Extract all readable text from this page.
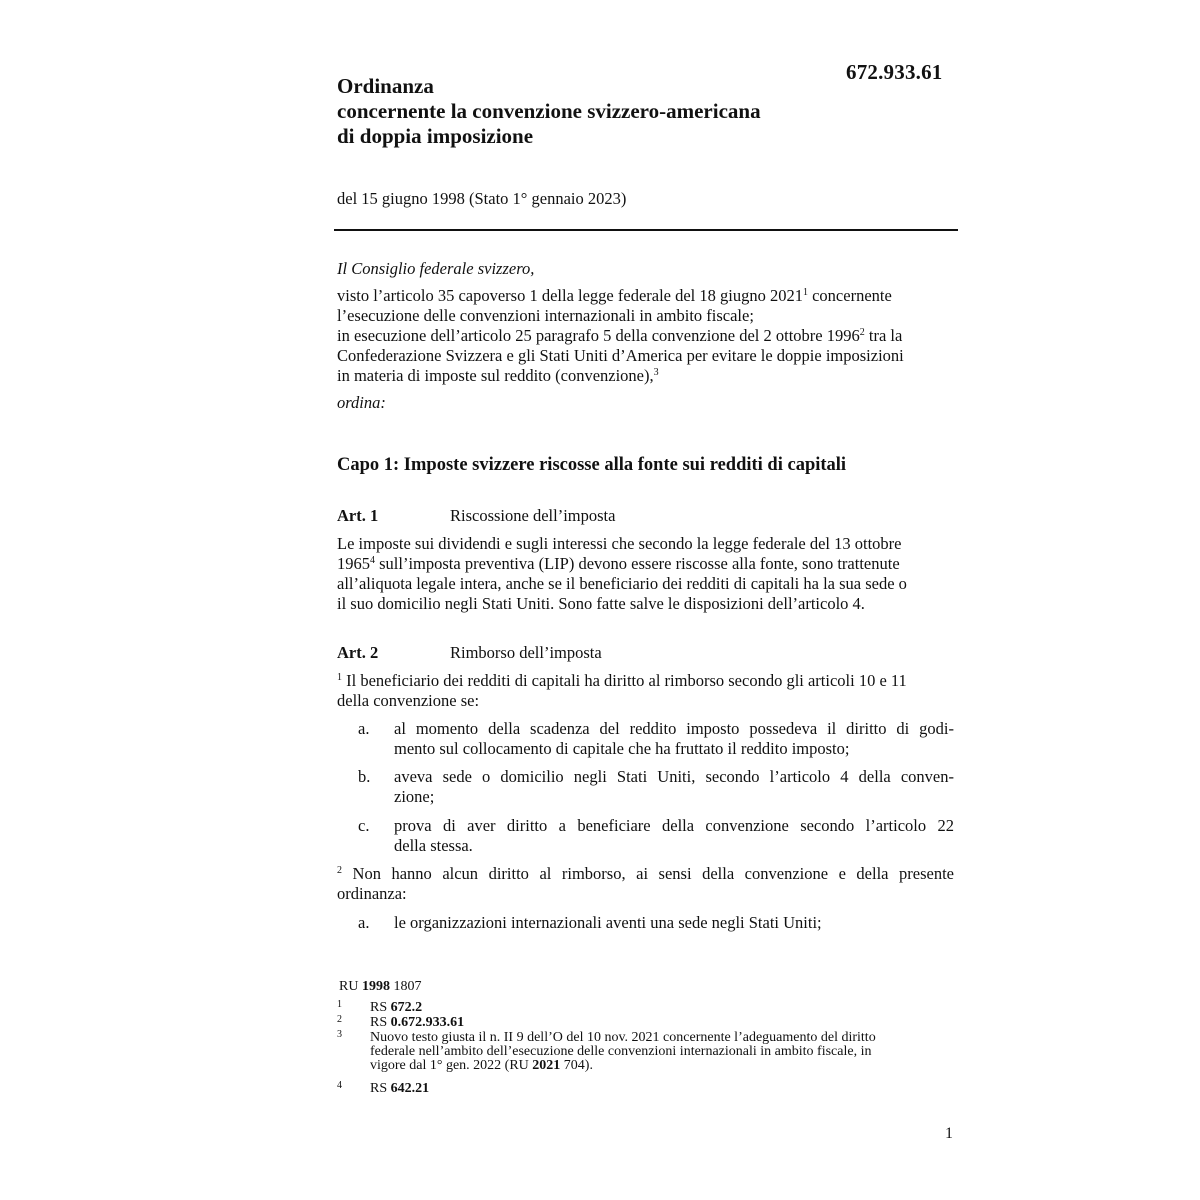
672.933.61
Ordinanza
concernente la convenzione svizzero-americana
di doppia imposizione
del 15 giugno 1998 (Stato 1° gennaio 2023)
Il Consiglio federale svizzero,
visto l’articolo 35 capoverso 1 della legge federale del 18 giugno 2021$^1$ concernente
l’esecuzione delle convenzioni internazionali in ambito fiscale;
in esecuzione dell’articolo 25 paragrafo 5 della convenzione del 2 ottobre 1996$^2$ tra la
Confederazione Svizzera e gli Stati Uniti d’America per evitare le doppie imposizioni
in materia di imposte sul reddito (convenzione),$^3$
ordina:
Capo 1: Imposte svizzere riscosse alla fonte sui redditi di capitali
Art. 1	Riscossione dell’imposta
Le imposte sui dividendi e sugli interessi che secondo la legge federale del 13 ottobre
1965$^4$ sull’imposta preventiva (LIP) devono essere riscosse alla fonte, sono trattenute
all’aliquota legale intera, anche se il beneficiario dei redditi di capitali ha la sua sede o
il suo domicilio negli Stati Uniti. Sono fatte salve le disposizioni dell’articolo 4.
Art. 2	Rimborso dell’imposta
$^1$ Il beneficiario dei redditi di capitali ha diritto al rimborso secondo gli articoli 10 e 11
della convenzione se:
a. al momento della scadenza del reddito imposto possedeva il diritto di godi-
mento sul collocamento di capitale che ha fruttato il reddito imposto;
b. aveva sede o domicilio negli Stati Uniti, secondo l’articolo 4 della conven-
zione;
c. prova di aver diritto a beneficiare della convenzione secondo l’articolo 22
della stessa.
$^2$ Non hanno alcun diritto al rimborso, ai sensi della convenzione e della presente
ordinanza:
a. le organizzazioni internazionali aventi una sede negli Stati Uniti;
RU 1998 1807
1 RS 672.2
2 RS 0.672.933.61
3 Nuovo testo giusta il n. II 9 dell’O del 10 nov. 2021 concernente l’adeguamento del diritto
federale nell’ambito dell’esecuzione delle convenzioni internazionali in ambito fiscale, in
vigore dal 1° gen. 2022 (RU 2021 704).
4 RS 642.21
1
